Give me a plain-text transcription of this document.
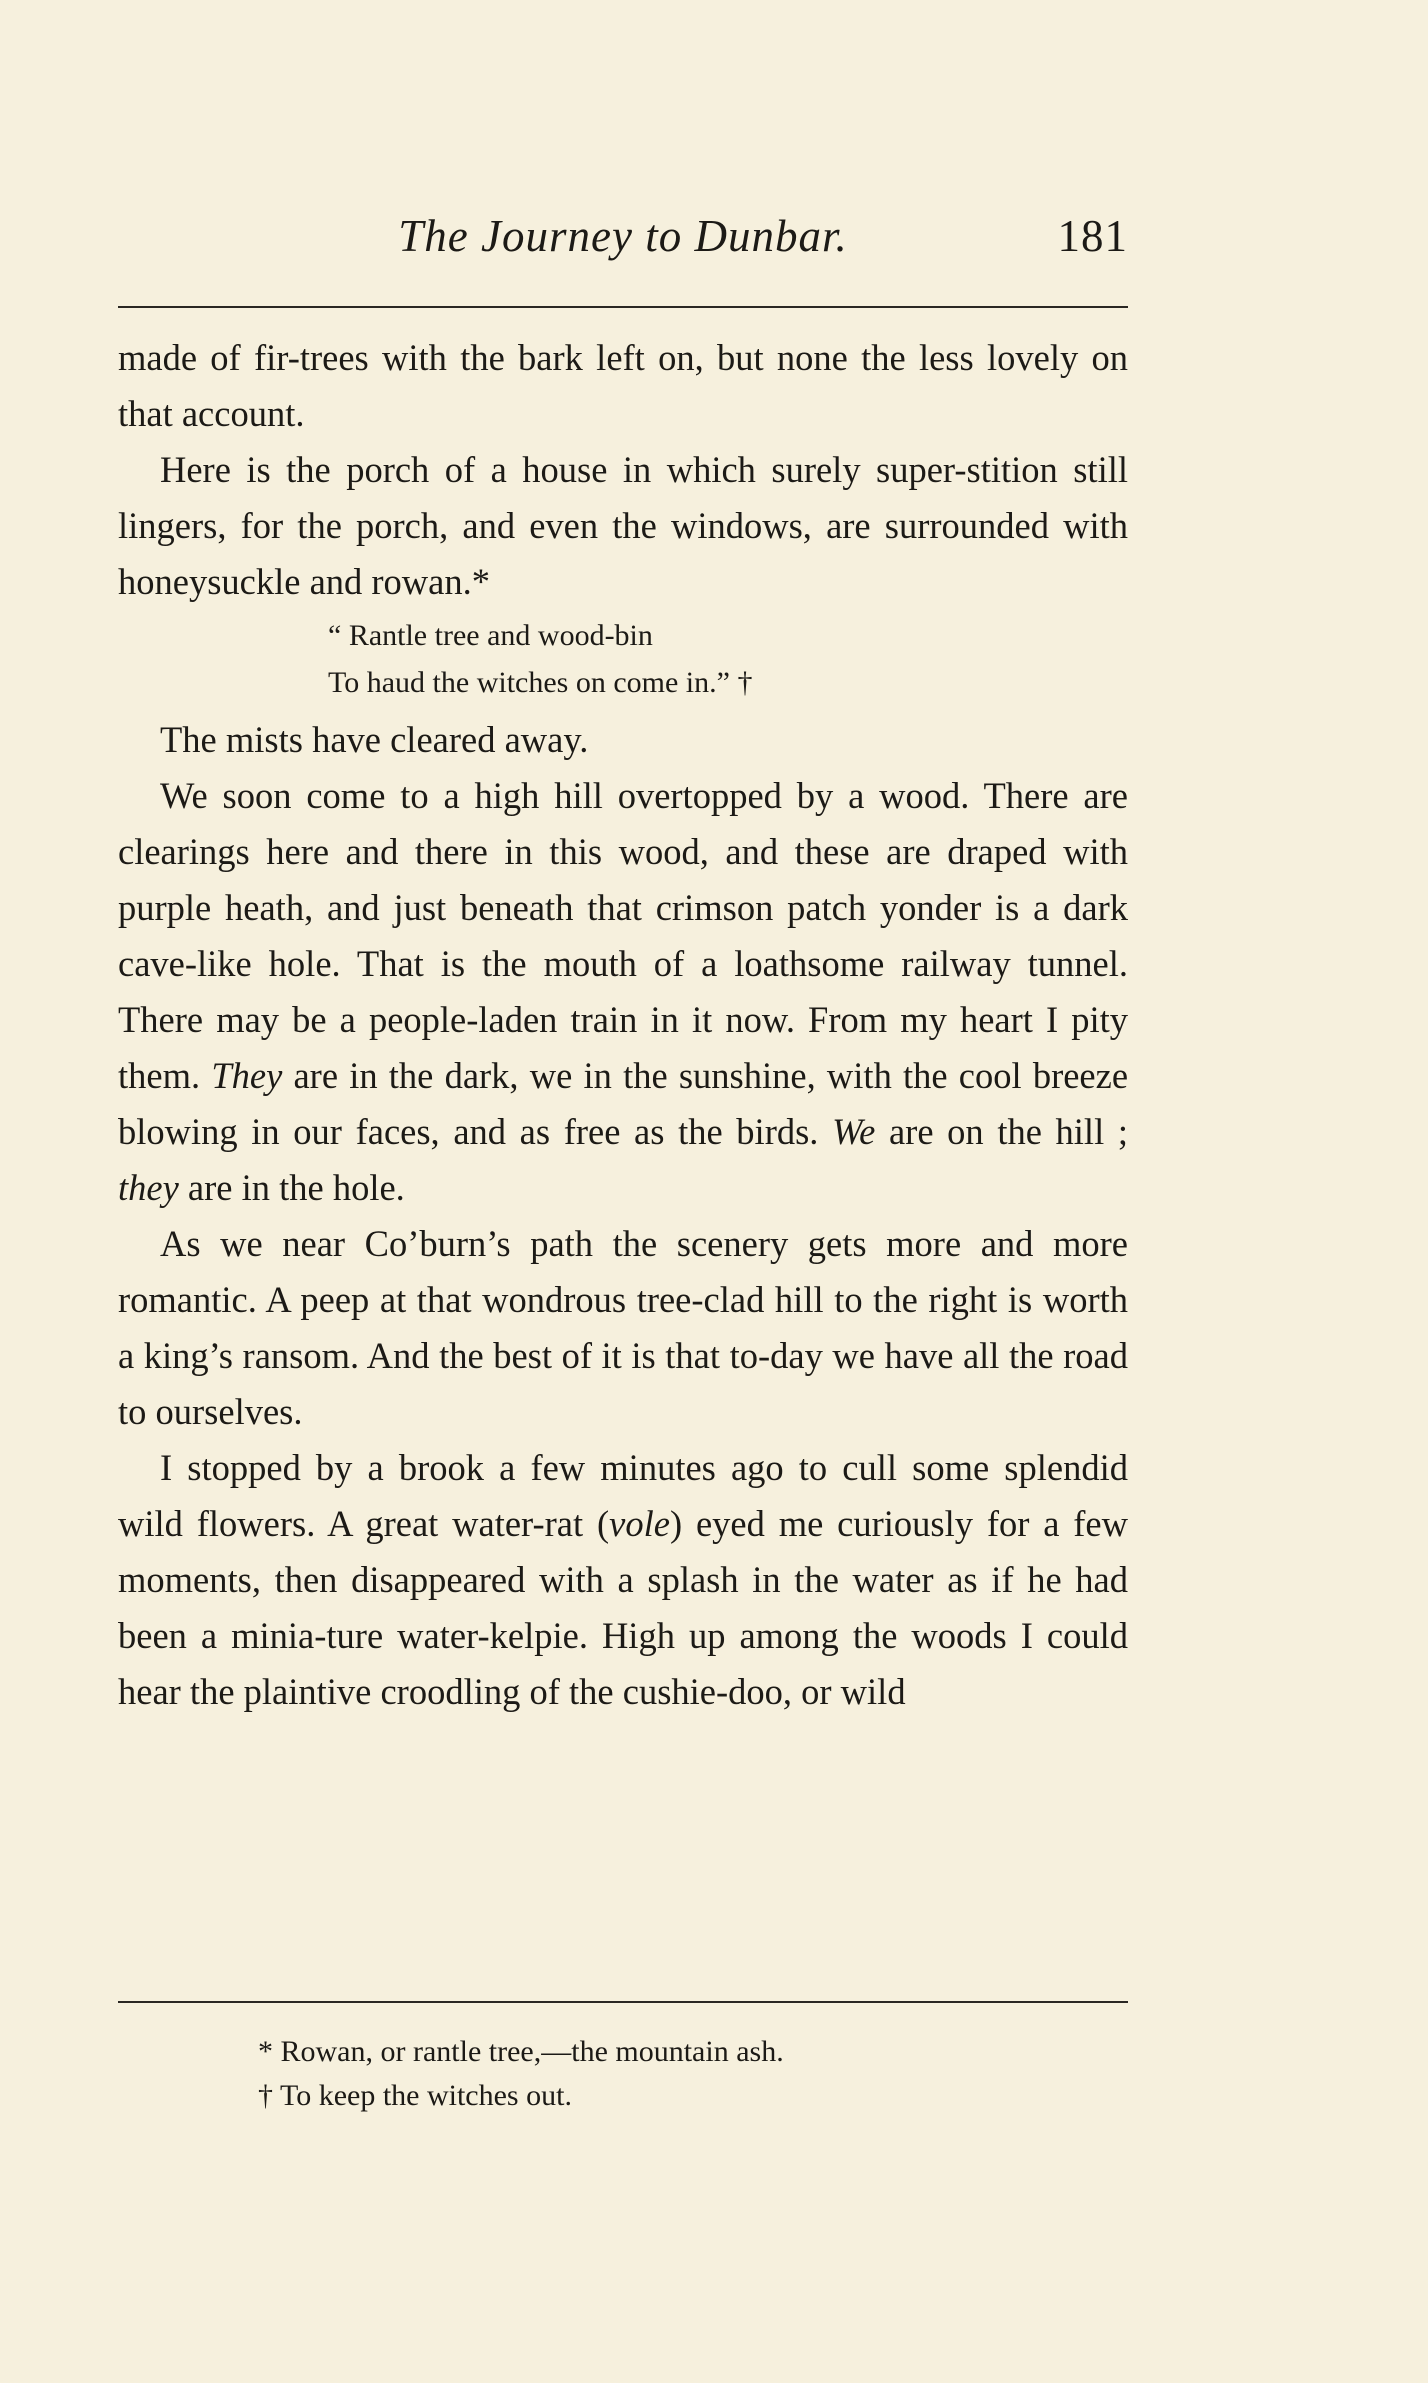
The Journey to Dunbar.	181

made of fir-trees with the bark left on, but none the less lovely on that account.

Here is the porch of a house in which surely super-stition still lingers, for the porch, and even the windows, are surrounded with honeysuckle and rowan.*

“ Rantle tree and wood-bin
To haud the witches on come in.” †

The mists have cleared away.

We soon come to a high hill overtopped by a wood. There are clearings here and there in this wood, and these are draped with purple heath, and just beneath that crimson patch yonder is a dark cave-like hole. That is the mouth of a loathsome railway tunnel. There may be a people-laden train in it now. From my heart I pity them. They are in the dark, we in the sunshine, with the cool breeze blowing in our faces, and as free as the birds. We are on the hill ; they are in the hole.

As we near Co’burn’s path the scenery gets more and more romantic. A peep at that wondrous tree-clad hill to the right is worth a king’s ransom. And the best of it is that to-day we have all the road to ourselves.

I stopped by a brook a few minutes ago to cull some splendid wild flowers. A great water-rat (vole) eyed me curiously for a few moments, then disappeared with a splash in the water as if he had been a minia-ture water-kelpie. High up among the woods I could hear the plaintive croodling of the cushie-doo, or wild

* Rowan, or rantle tree,—the mountain ash.
† To keep the witches out.
